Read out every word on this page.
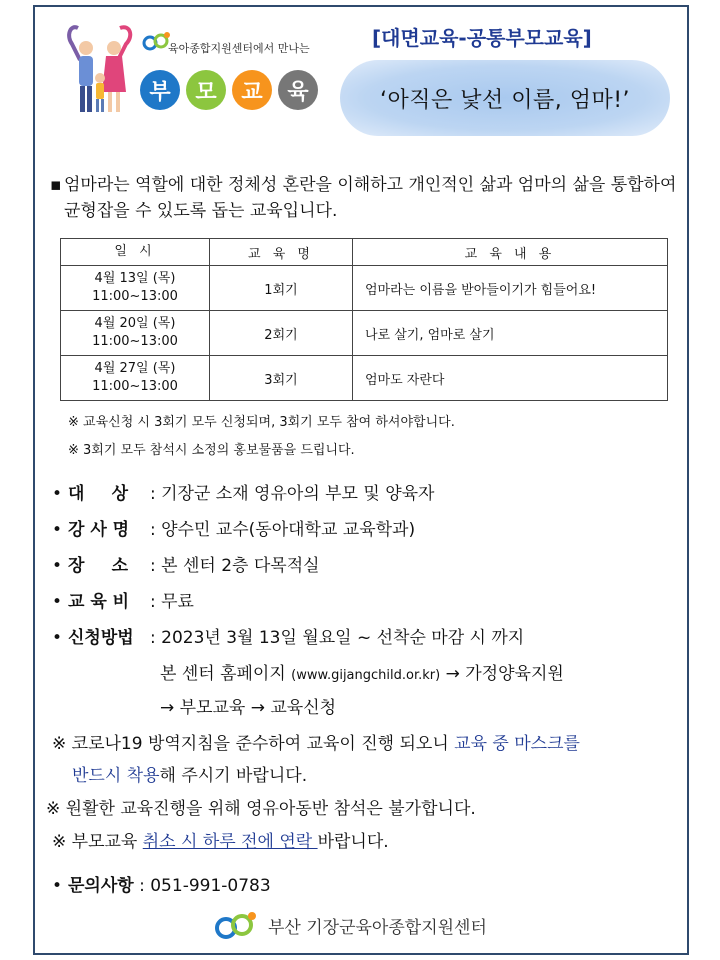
육아종합지원센터에서 만나는
부	모	교	육
[대면교육-공통부모교육]
‘아직은 낯선 이름, 엄마!’
▪ 엄마라는 역할에 대한 정체성 혼란을 이해하고 개인적인 삶과 엄마의 삶을 통합하여 균형잡을 수 있도록 돕는 교육입니다.
일 시	교 육 명	교 육 내 용
4월 13일 (목)
11:00~13:00	1회기	엄마라는 이름을 받아들이기가 힘들어요!
4월 20일 (목)
11:00~13:00	2회기	나로 살기, 엄마로 살기
4월 27일 (목)
11:00~13:00	3회기	엄마도 자란다
※ 교육신청 시 3회기 모두 신청되며, 3회기 모두 참여 하셔야합니다.
※ 3회기 모두 참석시 소정의 홍보물품을 드립니다.
• 대 상 : 기장군 소재 영유아의 부모 및 양육자
• 강 사 명 : 양수민 교수(동아대학교 교육학과)
• 장 소 : 본 센터 2층 다목적실
• 교 육 비 : 무료
• 신청방법 : 2023년 3월 13일 월요일 ~ 선착순 마감 시 까지
본 센터 홈페이지 (www.gijangchild.or.kr) → 가정양육지원
→ 부모교육 → 교육신청
※ 코로나19 방역지침을 준수하여 교육이 진행 되오니 교육 중 마스크를
반드시 착용해 주시기 바랍니다.
※ 원활한 교육진행을 위해 영유아동반 참석은 불가합니다.
※ 부모교육 취소 시 하루 전에 연락 바랍니다.
• 문의사항 : 051-991-0783
부산 기장군육아종합지원센터
